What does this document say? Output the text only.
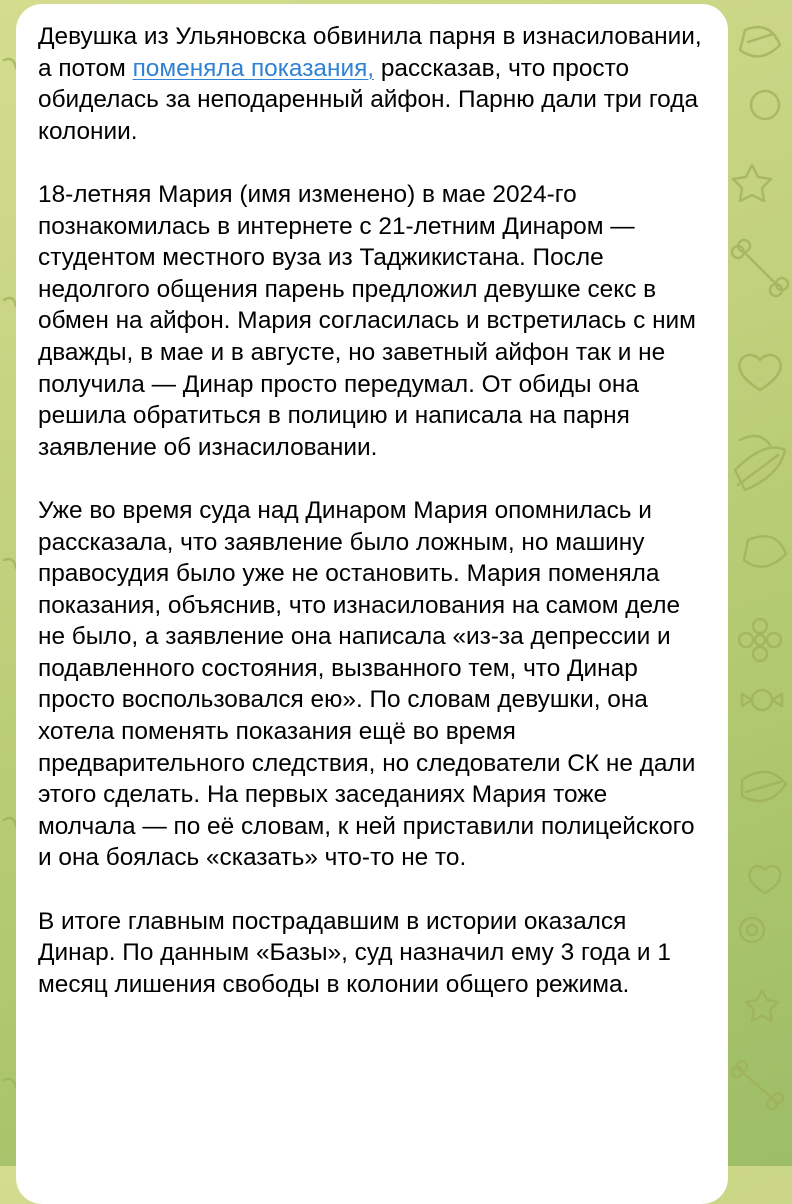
Девушка из Ульяновска обвинила парня в изнасиловании, а потом поменяла показания, рассказав, что просто обиделась за неподаренный айфон. Парню дали три года колонии.

18-летняя Мария (имя изменено) в мае 2024-го познакомилась в интернете с 21-летним Динаром — студентом местного вуза из Таджикистана. После недолгого общения парень предложил девушке секс в обмен на айфон. Мария согласилась и встретилась с ним дважды, в мае и в августе, но заветный айфон так и не получила — Динар просто передумал. От обиды она решила обратиться в полицию и написала на парня заявление об изнасиловании.

Уже во время суда над Динаром Мария опомнилась и рассказала, что заявление было ложным, но машину правосудия было уже не остановить. Мария поменяла показания, объяснив, что изнасилования на самом деле не было, а заявление она написала «из-за депрессии и подавленного состояния, вызванного тем, что Динар просто воспользовался ею». По словам девушки, она хотела поменять показания ещё во время предварительного следствия, но следователи СК не дали этого сделать. На первых заседаниях Мария тоже молчала — по её словам, к ней приставили полицейского и она боялась «сказать» что-то не то.

В итоге главным пострадавшим в истории оказался Динар. По данным «Базы», суд назначил ему 3 года и 1 месяц лишения свободы в колонии общего режима.
